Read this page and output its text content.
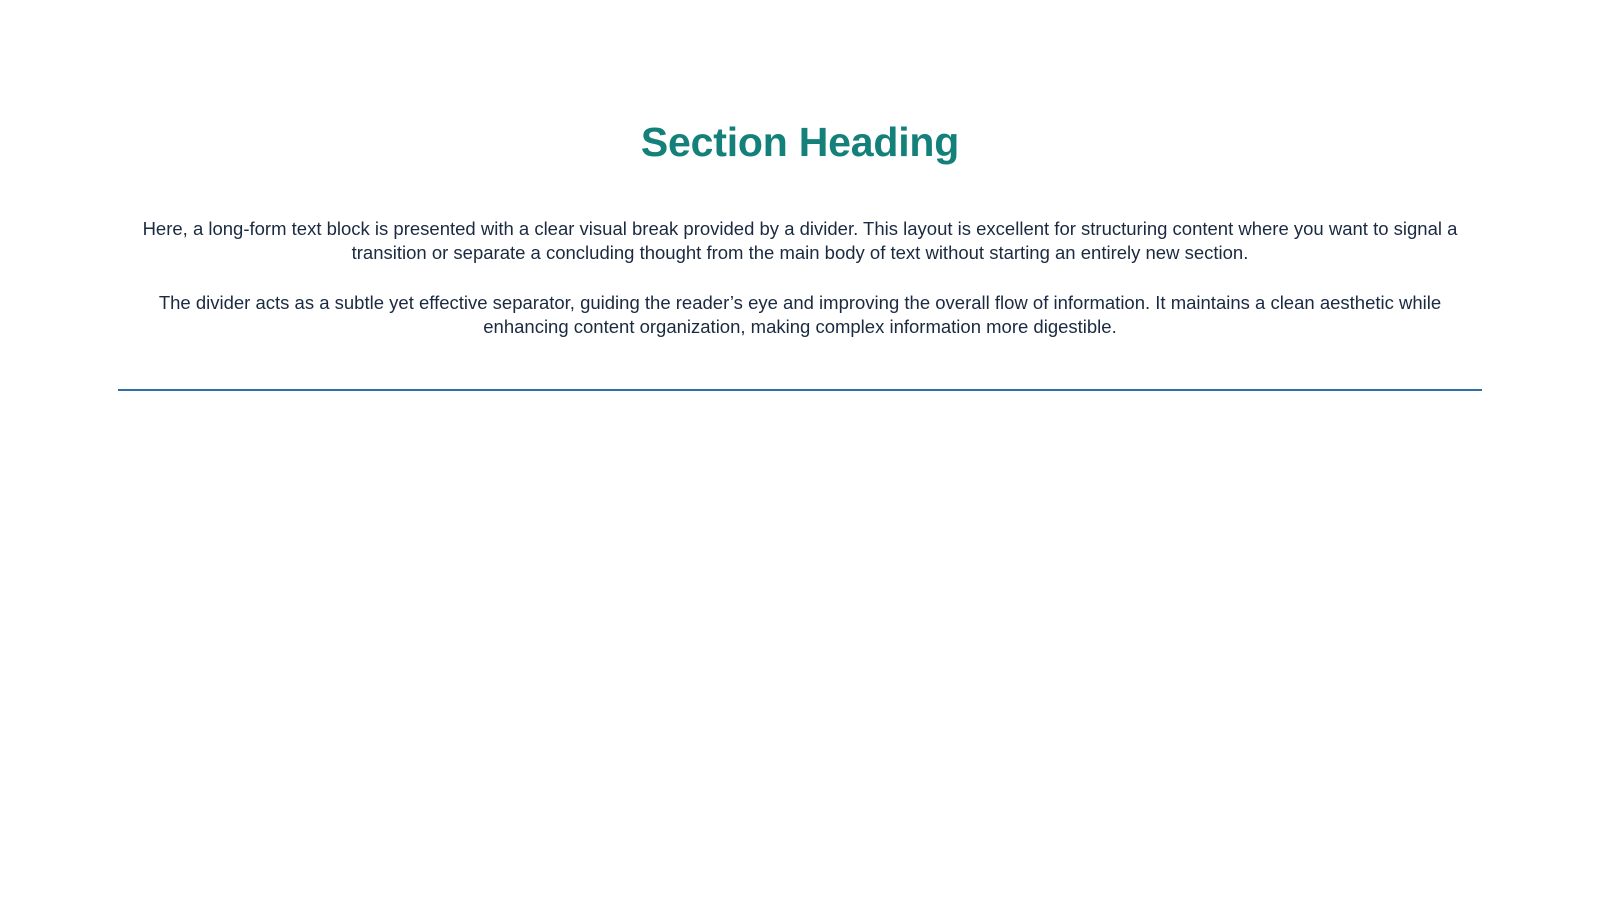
Section Heading

Here, a long-form text block is presented with a clear visual break provided by a divider. This layout is excellent for structuring content where you want to signal a transition or separate a concluding thought from the main body of text without starting an entirely new section.

The divider acts as a subtle yet effective separator, guiding the reader’s eye and improving the overall flow of information. It maintains a clean aesthetic while enhancing content organization, making complex information more digestible.
